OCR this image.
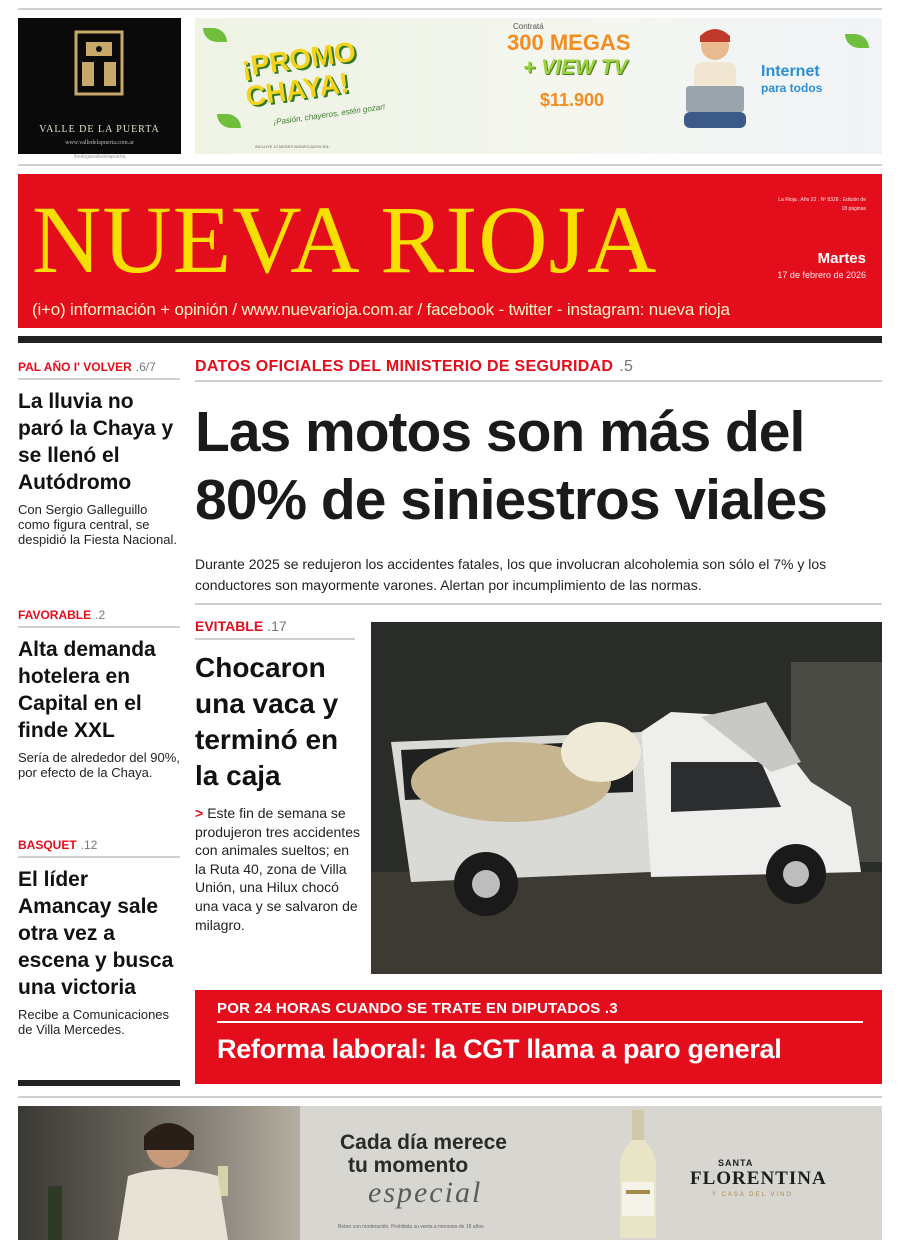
VALLE DE LA PUERTA
www.valledelapuerta.com.ar
/bodegavalledelapuerta
¡PROMO CHAYA!
¡Pasión, chayeros, estén gozar!
Contratá
300 MEGAS
+ VIEW TV
$11.900
Internet
para todos
INCLUYE 12 MESES BONIFICADOS EN:
NUEVA RIOJA	La Rioja . Año 22 . Nº 8328 . Edición de 18 páginas
Martes
17 de febrero de 2026
(i+o) información + opinión / www.nuevarioja.com.ar / facebook - twitter - instagram: nueva rioja
PAL AÑO I' VOLVER .6/7
La lluvia no paró la Chaya y se llenó el Autódromo
Con Sergio Galleguillo como figura central, se despidió la Fiesta Nacional.
FAVORABLE .2
Alta demanda hotelera en Capital en el finde XXL
Sería de alrededor del 90%, por efecto de la Chaya.
BASQUET .12
El líder Amancay sale otra vez a escena y busca una victoria
Recibe a Comunicaciones de Villa Mercedes.
DATOS OFICIALES DEL MINISTERIO DE SEGURIDAD .5
Las motos son más del 80% de siniestros viales
Durante 2025 se redujeron los accidentes fatales, los que involucran alcoholemia son sólo el 7% y los conductores son mayormente varones. Alertan por incumplimiento de las normas.
EVITABLE .17
Chocaron una vaca y terminó en la caja
> Este fin de semana se produjeron tres accidentes con animales sueltos; en la Ruta 40, zona de Villa Unión, una Hilux chocó una vaca y se salvaron de milagro.
POR 24 HORAS CUANDO SE TRATE EN DIPUTADOS .3
Reforma laboral: la CGT llama a paro general
Cada día merece
tu momento
especial
Beber con moderación. Prohibida su venta a menores de 18 años.
SANTA
FLORENTINA
Y CASA DEL VINO
